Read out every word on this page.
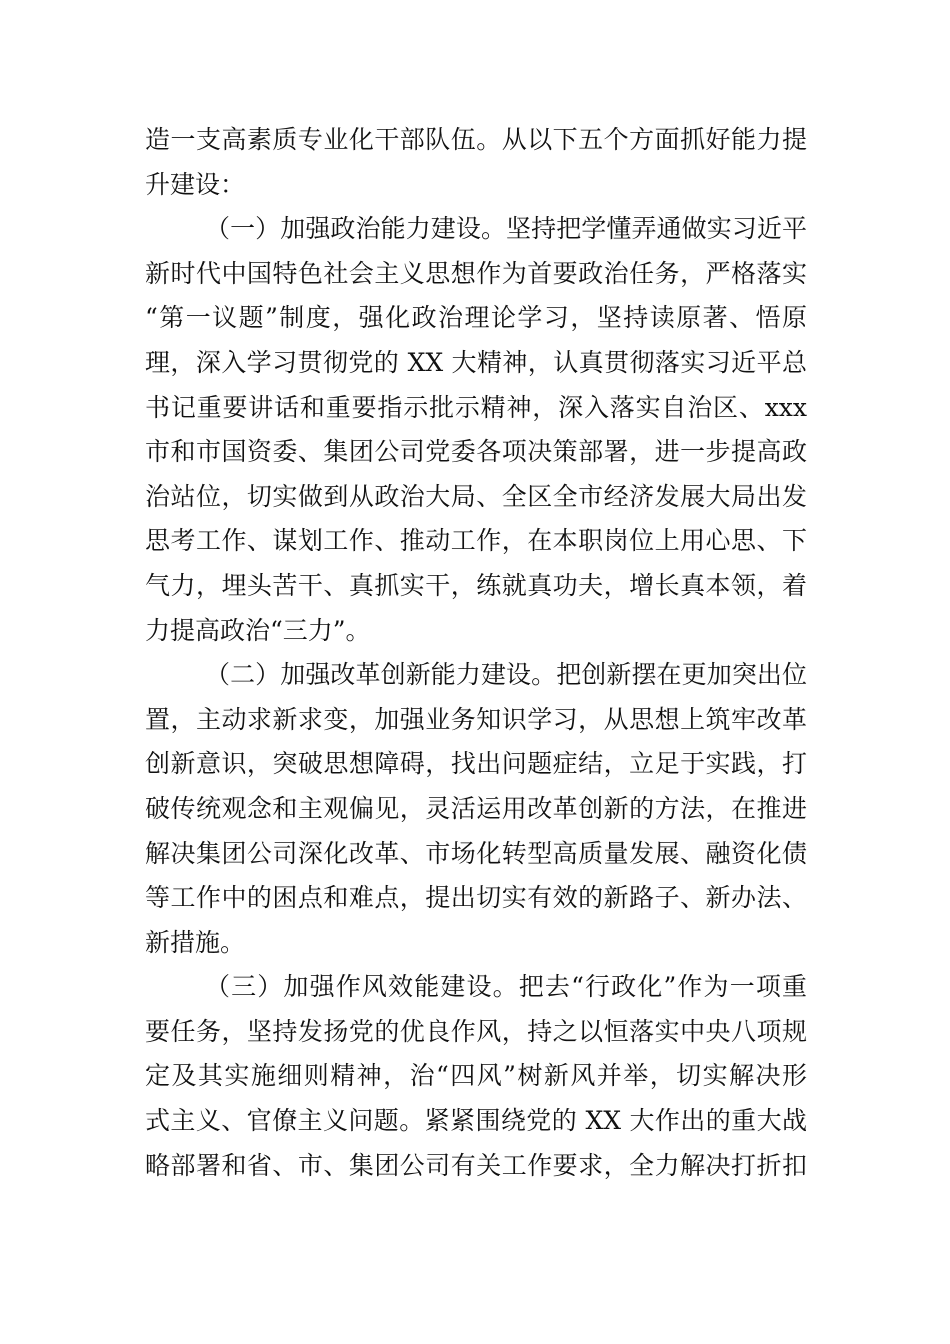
造一支高素质专业化干部队伍。从以下五个方面抓好能力提
升建设：
（一）加强政治能力建设。坚持把学懂弄通做实习近平
新时代中国特色社会主义思想作为首要政治任务，严格落实
“第一议题”制度，强化政治理论学习，坚持读原著、悟原
理，深入学习贯彻党的 XX 大精神，认真贯彻落实习近平总
书记重要讲话和重要指示批示精神，深入落实自治区、xxx
市和市国资委、集团公司党委各项决策部署，进一步提高政
治站位，切实做到从政治大局、全区全市经济发展大局出发
思考工作、谋划工作、推动工作，在本职岗位上用心思、下
气力，埋头苦干、真抓实干，练就真功夫，增长真本领，着
力提高政治“三力”。
（二）加强改革创新能力建设。把创新摆在更加突出位
置，主动求新求变，加强业务知识学习，从思想上筑牢改革
创新意识，突破思想障碍，找出问题症结，立足于实践，打
破传统观念和主观偏见，灵活运用改革创新的方法，在推进
解决集团公司深化改革、市场化转型高质量发展、融资化债
等工作中的困点和难点，提出切实有效的新路子、新办法、
新措施。
（三）加强作风效能建设。把去“行政化”作为一项重
要任务，坚持发扬党的优良作风，持之以恒落实中央八项规
定及其实施细则精神，治“四风”树新风并举，切实解决形
式主义、官僚主义问题。紧紧围绕党的 XX 大作出的重大战
略部署和省、市、集团公司有关工作要求，全力解决打折扣
